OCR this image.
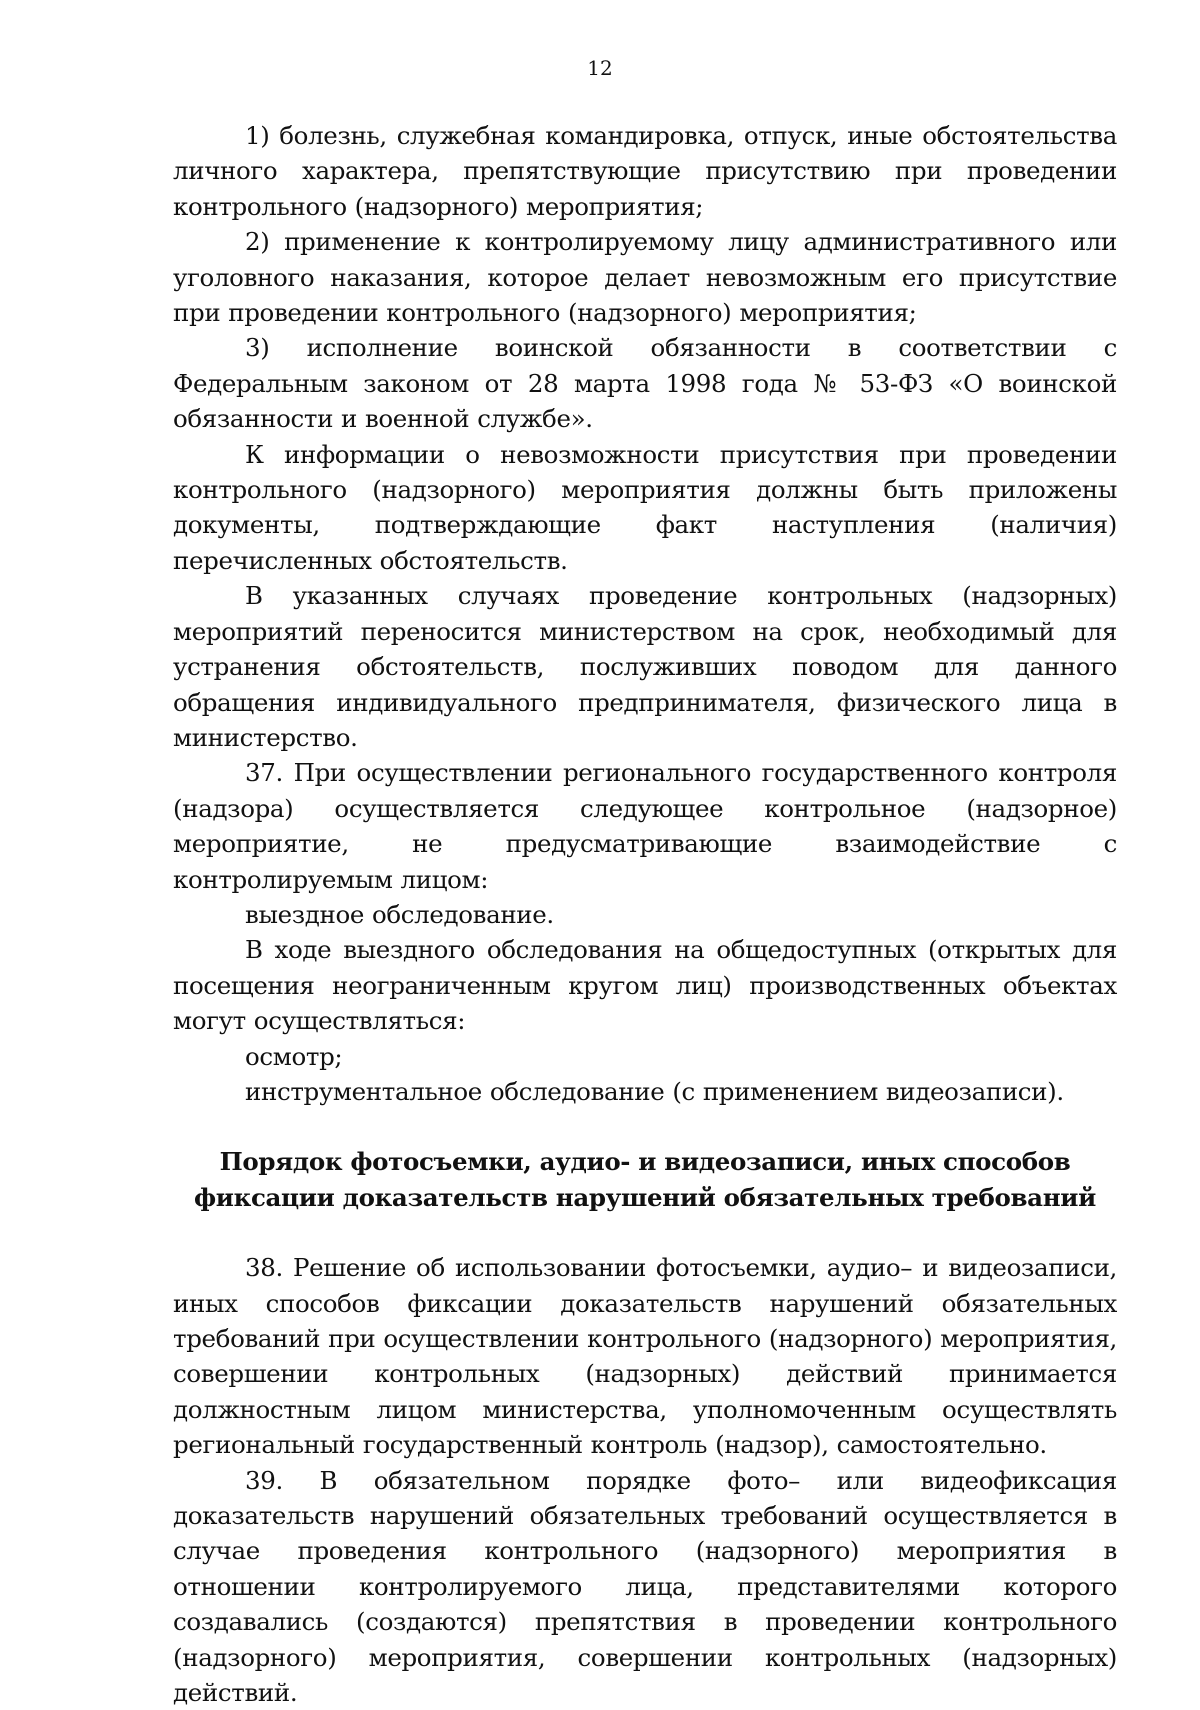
12

1) болезнь, служебная командировка, отпуск, иные обстоятельства личного характера, препятствующие присутствию при проведении контрольного (надзорного) мероприятия;

2) применение к контролируемому лицу административного или уголовного наказания, которое делает невозможным его присутствие при проведении контрольного (надзорного) мероприятия;

3) исполнение воинской обязанности в соответствии с Федеральным законом от 28 марта 1998 года № 53-ФЗ «О воинской обязанности и военной службе».

К информации о невозможности присутствия при проведении контрольного (надзорного) мероприятия должны быть приложены документы, подтверждающие факт наступления (наличия) перечисленных обстоятельств.

В указанных случаях проведение контрольных (надзорных) мероприятий переносится министерством на срок, необходимый для устранения обстоятельств, послуживших поводом для данного обращения индивидуального предпринимателя, физического лица в министерство.

37. При осуществлении регионального государственного контроля (надзора) осуществляется следующее контрольное (надзорное) мероприятие, не предусматривающие взаимодействие с контролируемым лицом:

выездное обследование.

В ходе выездного обследования на общедоступных (открытых для посещения неограниченным кругом лиц) производственных объектах могут осуществляться:

осмотр;

инструментальное обследование (с применением видеозаписи).

Порядок фотосъемки, аудио- и видеозаписи, иных способов
фиксации доказательств нарушений обязательных требований

38. Решение об использовании фотосъемки, аудио– и видеозаписи, иных способов фиксации доказательств нарушений обязательных требований при осуществлении контрольного (надзорного) мероприятия, совершении контрольных (надзорных) действий принимается должностным лицом министерства, уполномоченным осуществлять региональный государственный контроль (надзор), самостоятельно.

39. В обязательном порядке фото– или видеофиксация доказательств нарушений обязательных требований осуществляется в случае проведения контрольного (надзорного) мероприятия в отношении контролируемого лица, представителями которого создавались (создаются) препятствия в проведении контрольного (надзорного) мероприятия, совершении контрольных (надзорных) действий.
